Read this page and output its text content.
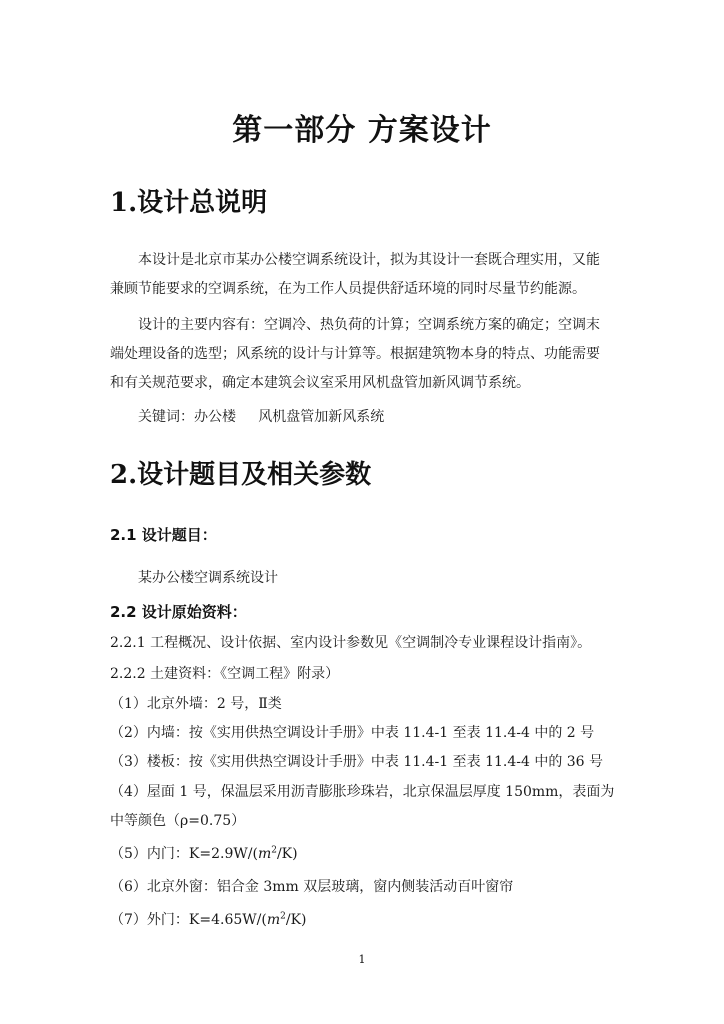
第一部分 方案设计
1.设计总说明
本设计是北京市某办公楼空调系统设计，拟为其设计一套既合理实用，又能
兼顾节能要求的空调系统，在为工作人员提供舒适环境的同时尽量节约能源。
设计的主要内容有：空调冷、热负荷的计算；空调系统方案的确定；空调末
端处理设备的选型；风系统的设计与计算等。根据建筑物本身的特点、功能需要
和有关规范要求，确定本建筑会议室采用风机盘管加新风调节系统。
关键词：办公楼     风机盘管加新风系统
2.设计题目及相关参数
2.1 设计题目：
某办公楼空调系统设计
2.2 设计原始资料：
2.2.1 工程概况、设计依据、室内设计参数见《空调制冷专业课程设计指南》。
2.2.2 土建资料：《空调工程》附录）
（1）北京外墙：2 号，Ⅱ类
（2）内墙：按《实用供热空调设计手册》中表 11.4-1 至表 11.4-4 中的 2 号
（3）楼板：按《实用供热空调设计手册》中表 11.4-1 至表 11.4-4 中的 36 号
（4）屋面 1 号，保温层采用沥青膨胀珍珠岩，北京保温层厚度 150mm，表面为
中等颜色（ρ=0.75）
（5）内门：$K=2.9W/(m^2/K)$
（6）北京外窗：铝合金 3mm 双层玻璃，窗内侧装活动百叶窗帘
（7）外门：$K=4.65W/(m^2/K)$
1
